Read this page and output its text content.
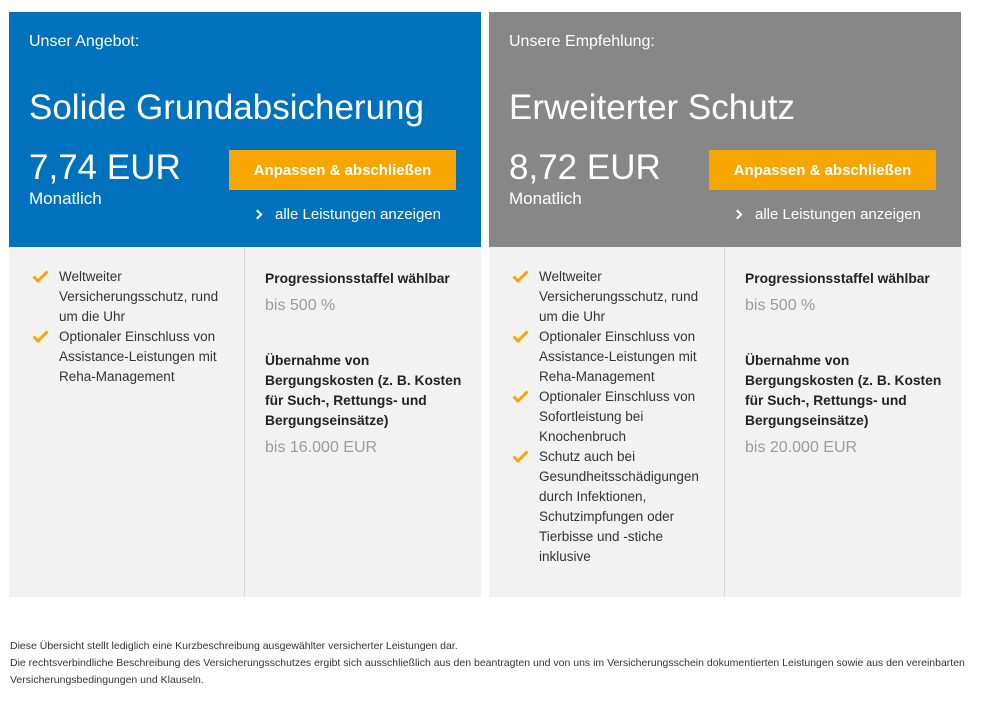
Unser Angebot:
Solide Grundabsicherung
7,74 EUR
Monatlich
Anpassen & abschließen
alle Leistungen anzeigen
Weltweiter Versicherungsschutz, rund um die Uhr
Optionaler Einschluss von Assistance-Leistungen mit Reha-Management
Progressionsstaffel wählbar
bis 500 %
Übernahme von Bergungskosten (z. B. Kosten für Such-, Rettungs- und Bergungseinsätze)
bis 16.000 EUR
Unsere Empfehlung:
Erweiterter Schutz
8,72 EUR
Monatlich
Anpassen & abschließen
alle Leistungen anzeigen
Weltweiter Versicherungsschutz, rund um die Uhr
Optionaler Einschluss von Assistance-Leistungen mit Reha-Management
Optionaler Einschluss von Sofortleistung bei Knochenbruch
Schutz auch bei Gesundheitsschädigungen durch Infektionen, Schutzimpfungen oder Tierbisse und -stiche inklusive
Progressionsstaffel wählbar
bis 500 %
Übernahme von Bergungskosten (z. B. Kosten für Such-, Rettungs- und Bergungseinsätze)
bis 20.000 EUR
Diese Übersicht stellt lediglich eine Kurzbeschreibung ausgewählter versicherter Leistungen dar.
Die rechtsverbindliche Beschreibung des Versicherungsschutzes ergibt sich ausschließlich aus den beantragten und von uns im Versicherungsschein dokumentierten Leistungen sowie aus den vereinbarten Versicherungsbedingungen und Klauseln.
